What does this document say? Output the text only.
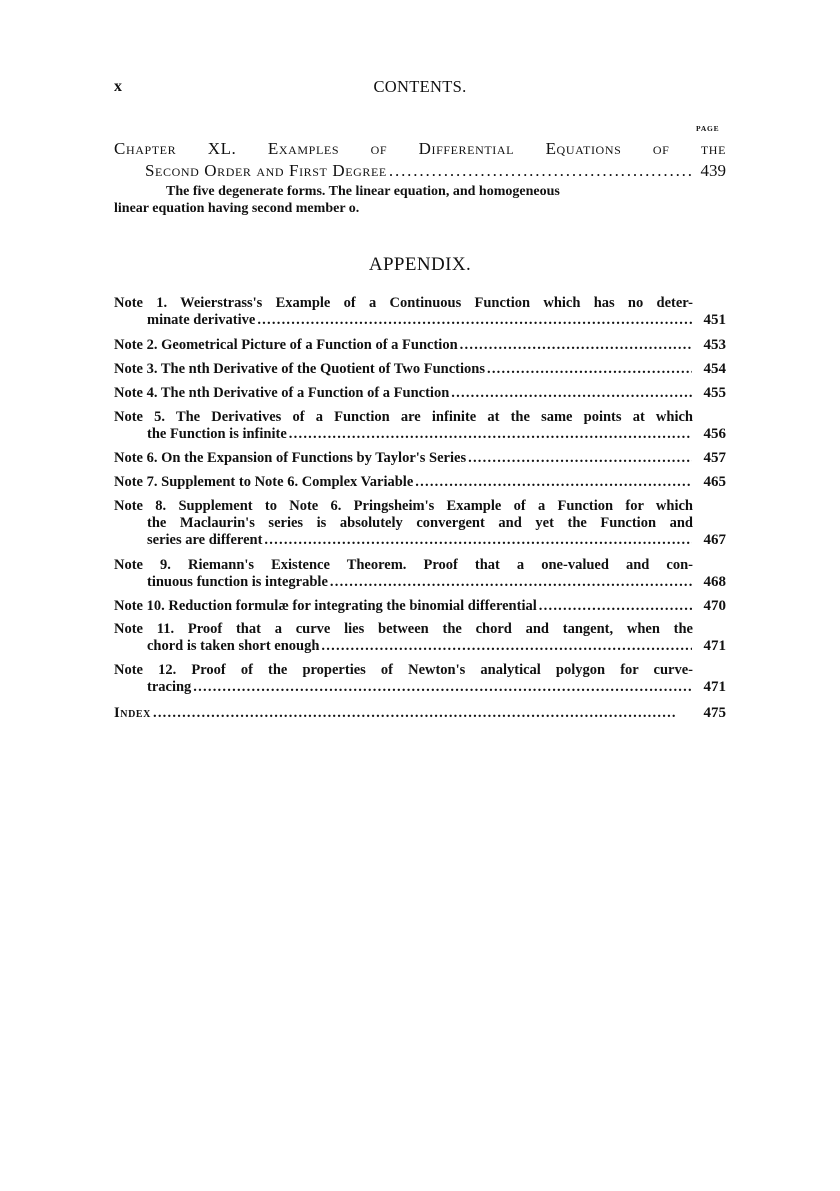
x	CONTENTS.
PAGE
Chapter XL. Examples of Differential Equations of the
Second Order and First Degree . . .	439
The five degenerate forms. The linear equation, and homogeneous
linear equation having second member o.
APPENDIX.
Note 1. Weierstrass's Example of a Continuous Function which has no deter-
minate derivative . . .	451
Note 2. Geometrical Picture of a Function of a Function . . .	453
Note 3. The nth Derivative of the Quotient of Two Functions . . .	454
Note 4. The nth Derivative of a Function of a Function . . .	455
Note 5. The Derivatives of a Function are infinite at the same points at which
the Function is infinite . . .	456
Note 6. On the Expansion of Functions by Taylor's Series . . .	457
Note 7. Supplement to Note 6. Complex Variable . . .	465
Note 8. Supplement to Note 6. Pringsheim's Example of a Function for which
the Maclaurin's series is absolutely convergent and yet the Function and
series are different . . .	467
Note 9. Riemann's Existence Theorem. Proof that a one-valued and con-
tinuous function is integrable . . .	468
Note 10. Reduction formulæ for integrating the binomial differential . . .	470
Note 11. Proof that a curve lies between the chord and tangent, when the
chord is taken short enough . . .	471
Note 12. Proof of the properties of Newton's analytical polygon for curve-
tracing . . .	471
Index . . .	475
